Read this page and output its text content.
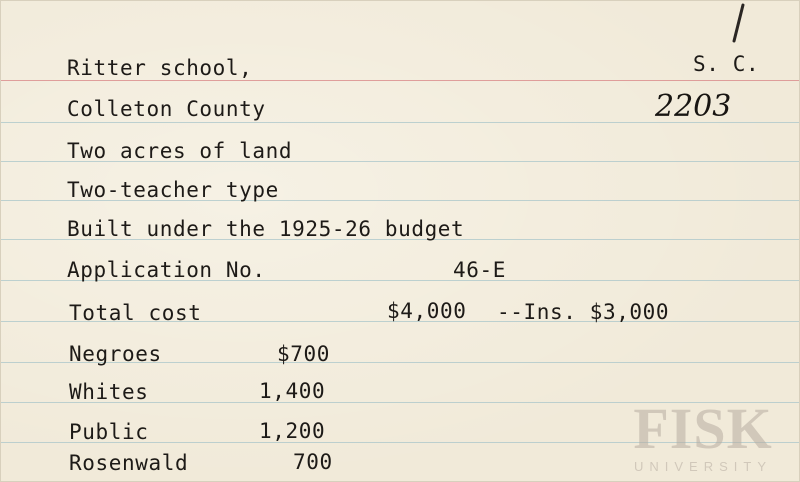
Ritter school,	S. C.
Colleton County	2203
Two acres of land
Two-teacher type
Built under the 1925-26 budget
Application No.	46-E
Total cost	$4,000 --Ins. $3,000
Negroes	$700
Whites	1,400
Public	1,200
Rosenwald	700
FISK
UNIVERSITY
